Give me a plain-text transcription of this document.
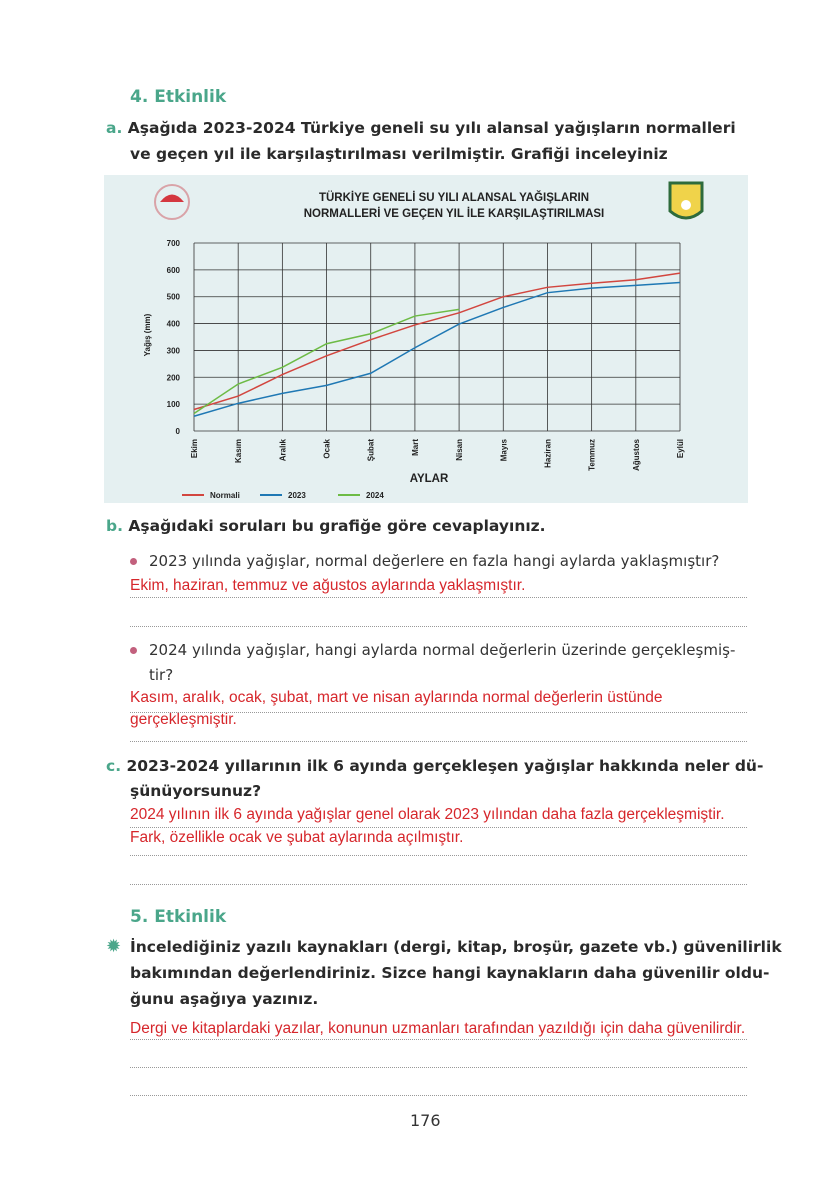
4. Etkinlik
a. Aşağıda 2023-2024 Türkiye geneli su yılı alansal yağışların normalleri
ve geçen yıl ile karşılaştırılması verilmiştir. Grafiği inceleyiniz
TÜRKİYE GENELİ SU YILI ALANSAL YAĞIŞLARIN
NORMALLERİ VE GEÇEN YIL İLE KARŞILAŞTIRILMASI
0
100
200
300
400
500
600
700
Ekim	Kasım	Aralık	Ocak	Şubat	Mart	Nisan	Mayıs	Haziran	Temmuz	Ağustos	Eylül
Yağış (mm)
AYLAR
Normali	2023	2024
b. Aşağıdaki soruları bu grafiğe göre cevaplayınız.
2023 yılında yağışlar, normal değerlere en fazla hangi aylarda yaklaşmıştır?
Ekim, haziran, temmuz ve ağustos aylarında yaklaşmıştır.
2024 yılında yağışlar, hangi aylarda normal değerlerin üzerinde gerçekleşmiş-
tir?
Kasım, aralık, ocak, şubat, mart ve nisan aylarında normal değerlerin üstünde
gerçekleşmiştir.
c. 2023-2024 yıllarının ilk 6 ayında gerçekleşen yağışlar hakkında neler dü-
şünüyorsunuz?
2024 yılının ilk 6 ayında yağışlar genel olarak 2023 yılından daha fazla gerçekleşmiştir.
Fark, özellikle ocak ve şubat aylarında açılmıştır.
5. Etkinlik
✹ İncelediğiniz yazılı kaynakları (dergi, kitap, broşür, gazete vb.) güvenilirlik
bakımından değerlendiriniz. Sizce hangi kaynakların daha güvenilir oldu-
ğunu aşağıya yazınız.
Dergi ve kitaplardaki yazılar, konunun uzmanları tarafından yazıldığı için daha güvenilirdir.
176
